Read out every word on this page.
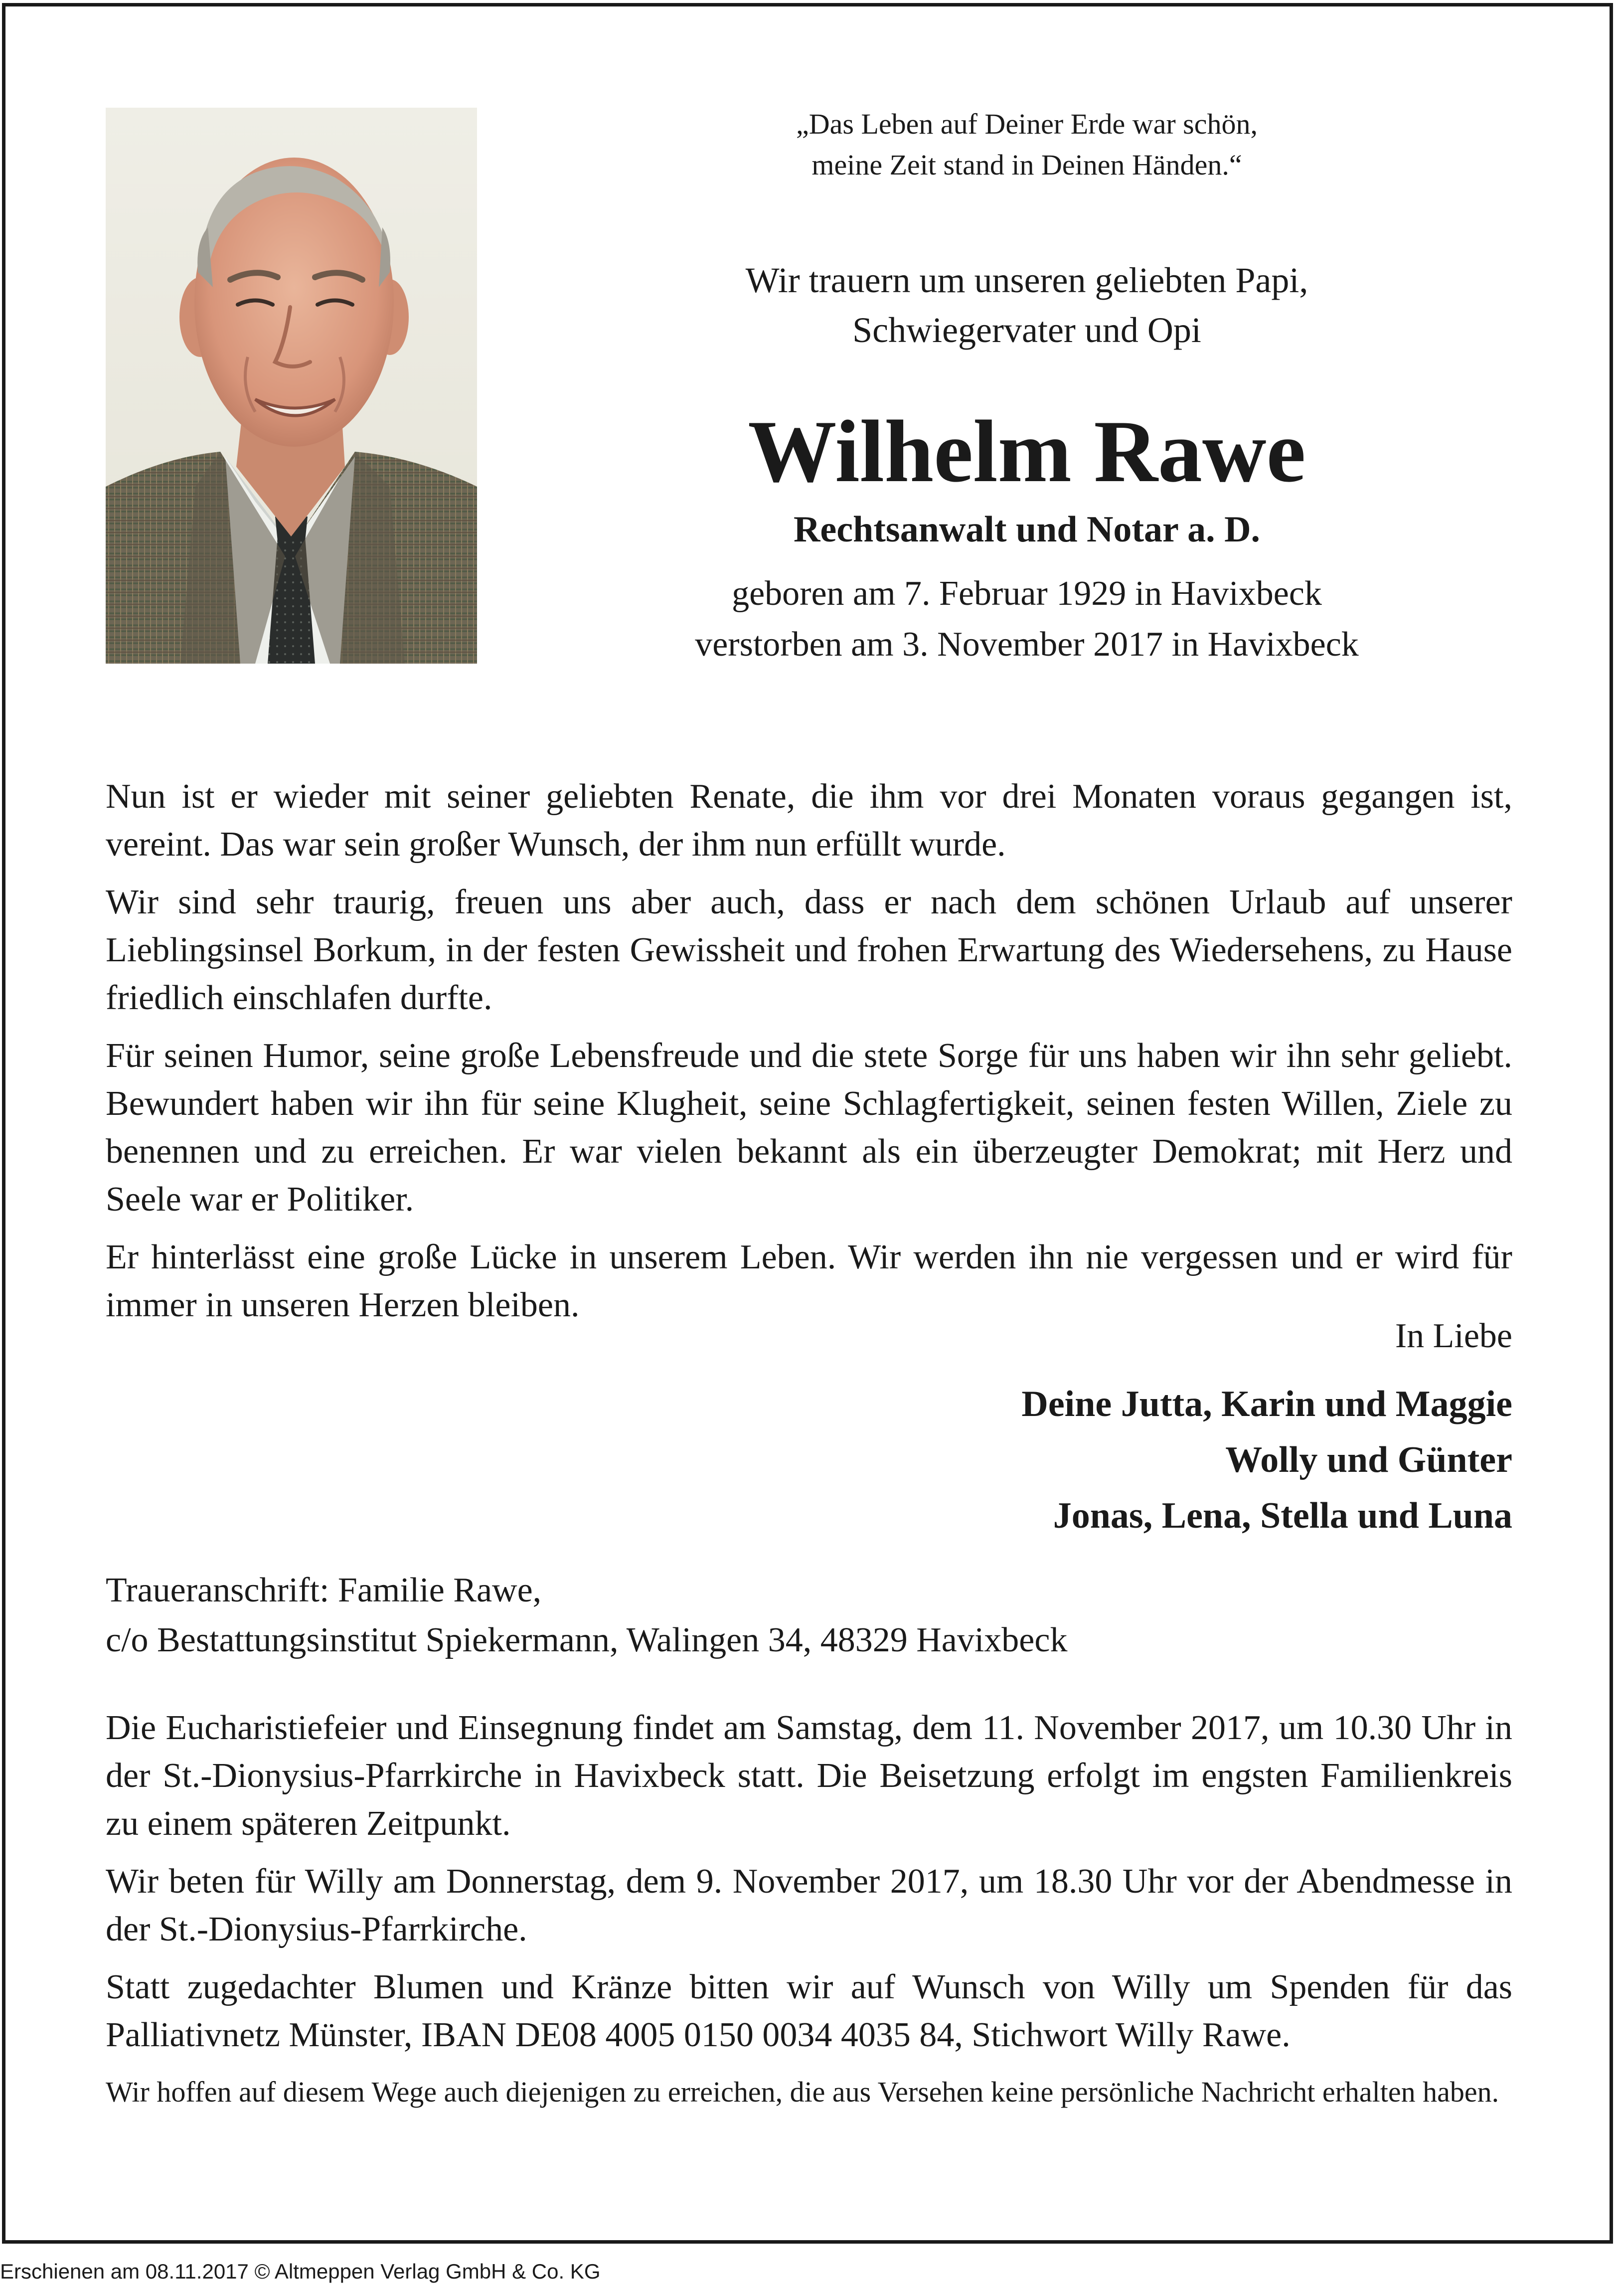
„Das Leben auf Deiner Erde war schön,
meine Zeit stand in Deinen Händen.“
Wir trauern um unseren geliebten Papi,
Schwiegervater und Opi
Wilhelm Rawe
Rechtsanwalt und Notar a. D.
geboren am 7. Februar 1929 in Havixbeck
verstorben am 3. November 2017 in Havixbeck

Nun ist er wieder mit seiner geliebten Renate, die ihm vor drei Monaten voraus gegangen ist, vereint. Das war sein großer Wunsch, der ihm nun erfüllt wurde.

Wir sind sehr traurig, freuen uns aber auch, dass er nach dem schönen Urlaub auf unserer Lieblingsinsel Borkum, in der festen Gewissheit und frohen Erwartung des Wiedersehens, zu Hause friedlich einschlafen durfte.

Für seinen Humor, seine große Lebensfreude und die stete Sorge für uns haben wir ihn sehr geliebt. Bewundert haben wir ihn für seine Klugheit, seine Schlagfertigkeit, seinen festen Willen, Ziele zu benennen und zu erreichen. Er war vielen bekannt als ein überzeugter Demokrat; mit Herz und Seele war er Politiker.

Er hinterlässt eine große Lücke in unserem Leben. Wir werden ihn nie vergessen und er wird für immer in unseren Herzen bleiben.

In Liebe
Deine Jutta, Karin und Maggie
Wolly und Günter
Jonas, Lena, Stella und Luna
Traueranschrift: Familie Rawe,
c/o Bestattungsinstitut Spiekermann, Walingen 34, 48329 Havixbeck

Die Eucharistiefeier und Einsegnung findet am Samstag, dem 11. November 2017, um 10.30 Uhr in der St.-Dionysius-Pfarrkirche in Havixbeck statt. Die Beisetzung erfolgt im engsten Familienkreis zu einem späteren Zeitpunkt.

Wir beten für Willy am Donnerstag, dem 9. November 2017, um 18.30 Uhr vor der Abendmesse in der St.-Dionysius-Pfarrkirche.

Statt zugedachter Blumen und Kränze bitten wir auf Wunsch von Willy um Spenden für das Palliativnetz Münster, IBAN DE08 4005 0150 0034 4035 84, Stichwort Willy Rawe.

Wir hoffen auf diesem Wege auch diejenigen zu erreichen, die aus Versehen keine persönliche Nachricht erhalten haben.
Erschienen am 08.11.2017 © Altmeppen Verlag GmbH & Co. KG
